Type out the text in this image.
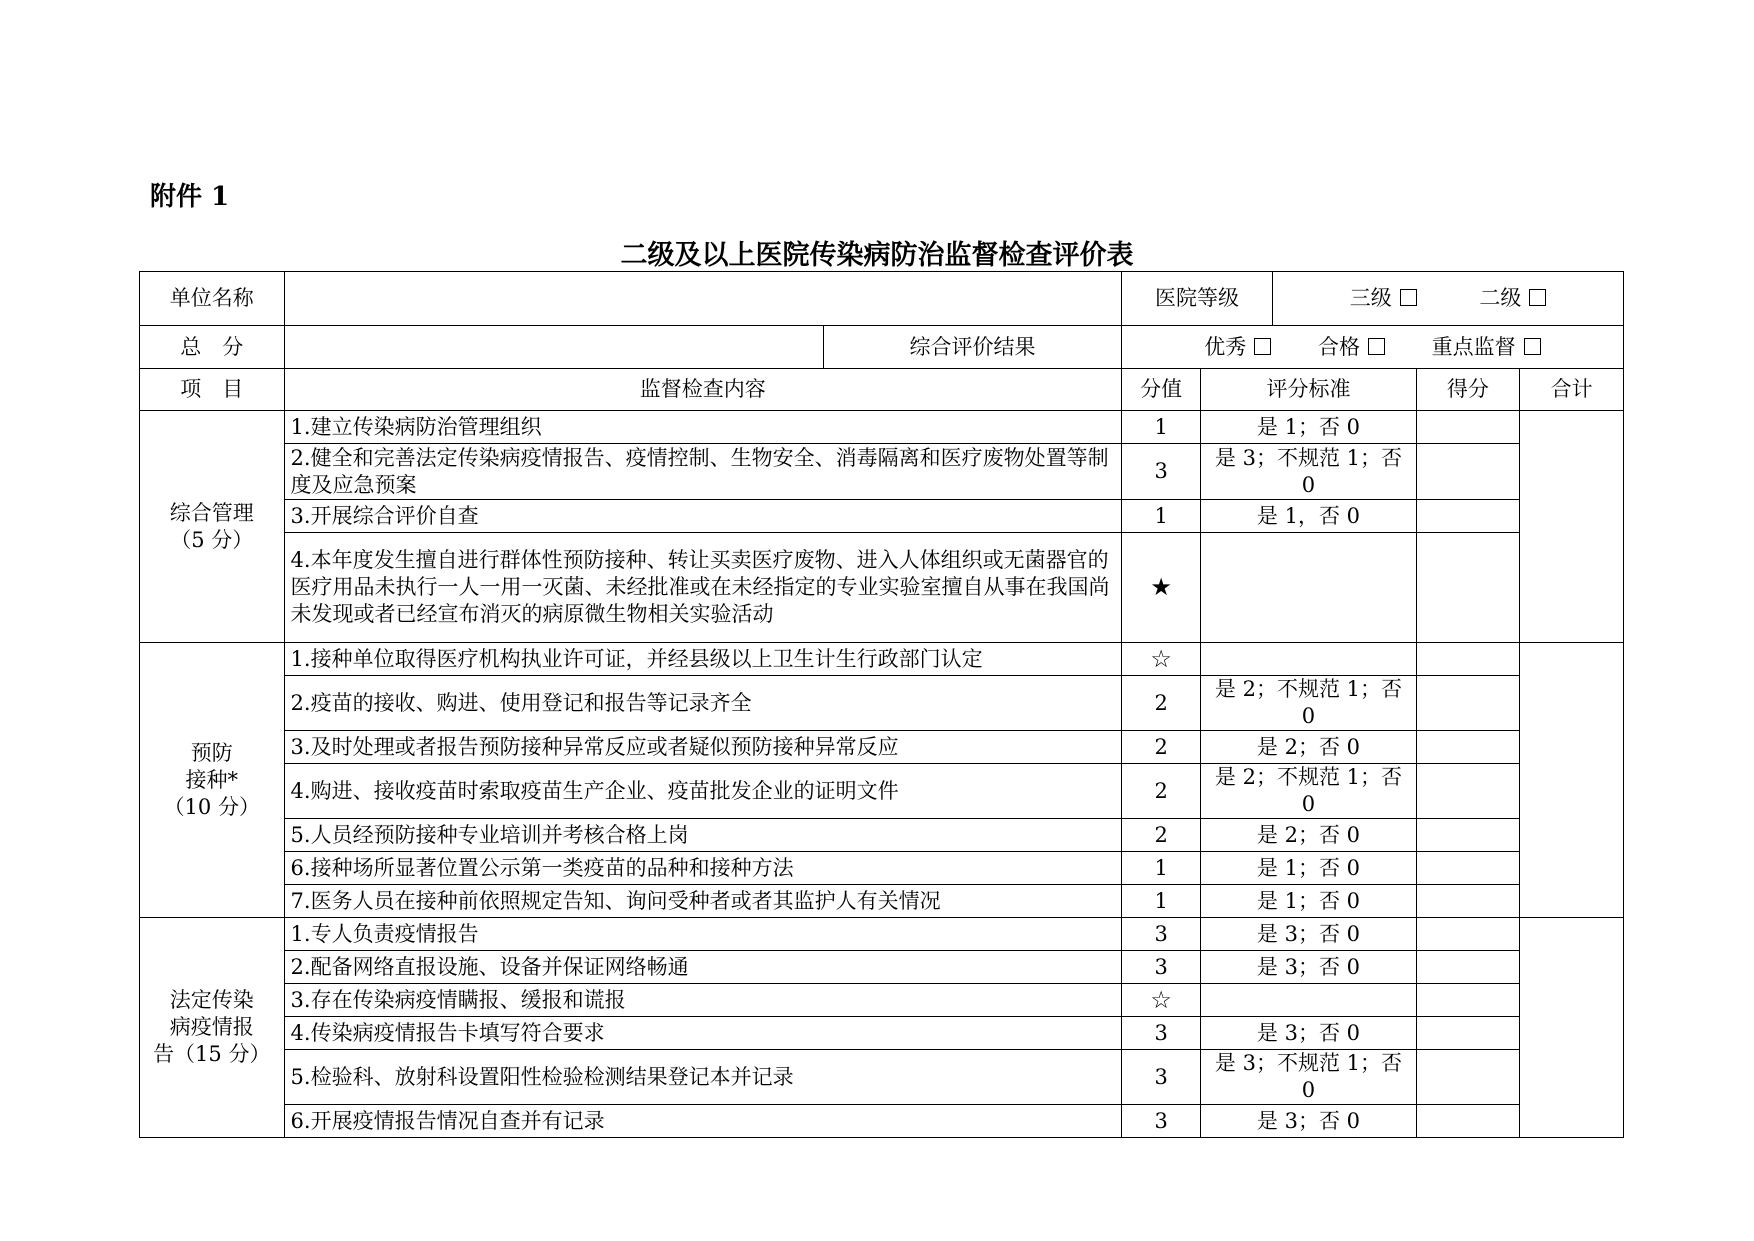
附件 1
二级及以上医院传染病防治监督检查评价表
单位名称			医院等级		三级 二级		
总　分		综合评价结果	优秀 合格 重点监督				
项　目	监督检查内容		分值	评分标准		得分	合计

综合管理
（5 分）	1.建立传染病防治管理组织		1	是 1；否 0			
	2.健全和完善法定传染病疫情报告、疫情控制、生物安全、消毒隔离和医疗废物处置等制度及应急预案		3	是 3；不规范 1；否 0			
	3.开展综合评价自查		1	是 1，否 0			
	4.本年度发生擅自进行群体性预防接种、转让买卖医疗废物、进入人体组织或无菌器官的医疗用品未执行一人一用一灭菌、未经批准或在未经指定的专业实验室擅自从事在我国尚未发现或者已经宣布消灭的病原微生物相关实验活动		★				

预防
接种*
（10 分）	1.接种单位取得医疗机构执业许可证，并经县级以上卫生计生行政部门认定		☆				
	2.疫苗的接收、购进、使用登记和报告等记录齐全		2	是 2；不规范 1；否 0			
	3.及时处理或者报告预防接种异常反应或者疑似预防接种异常反应		2	是 2；否 0			
	4.购进、接收疫苗时索取疫苗生产企业、疫苗批发企业的证明文件		2	是 2；不规范 1；否 0			
	5.人员经预防接种专业培训并考核合格上岗		2	是 2；否 0			
	6.接种场所显著位置公示第一类疫苗的品种和接种方法		1	是 1；否 0			
	7.医务人员在接种前依照规定告知、询问受种者或者其监护人有关情况		1	是 1；否 0			

法定传染
病疫情报
告（15 分）	1.专人负责疫情报告		3	是 3；否 0			
	2.配备网络直报设施、设备并保证网络畅通		3	是 3；否 0			
	3.存在传染病疫情瞒报、缓报和谎报		☆				
	4.传染病疫情报告卡填写符合要求		3	是 3；否 0			
	5.检验科、放射科设置阳性检验检测结果登记本并记录		3	是 3；不规范 1；否 0			
	6.开展疫情报告情况自查并有记录		3	是 3；否 0			
